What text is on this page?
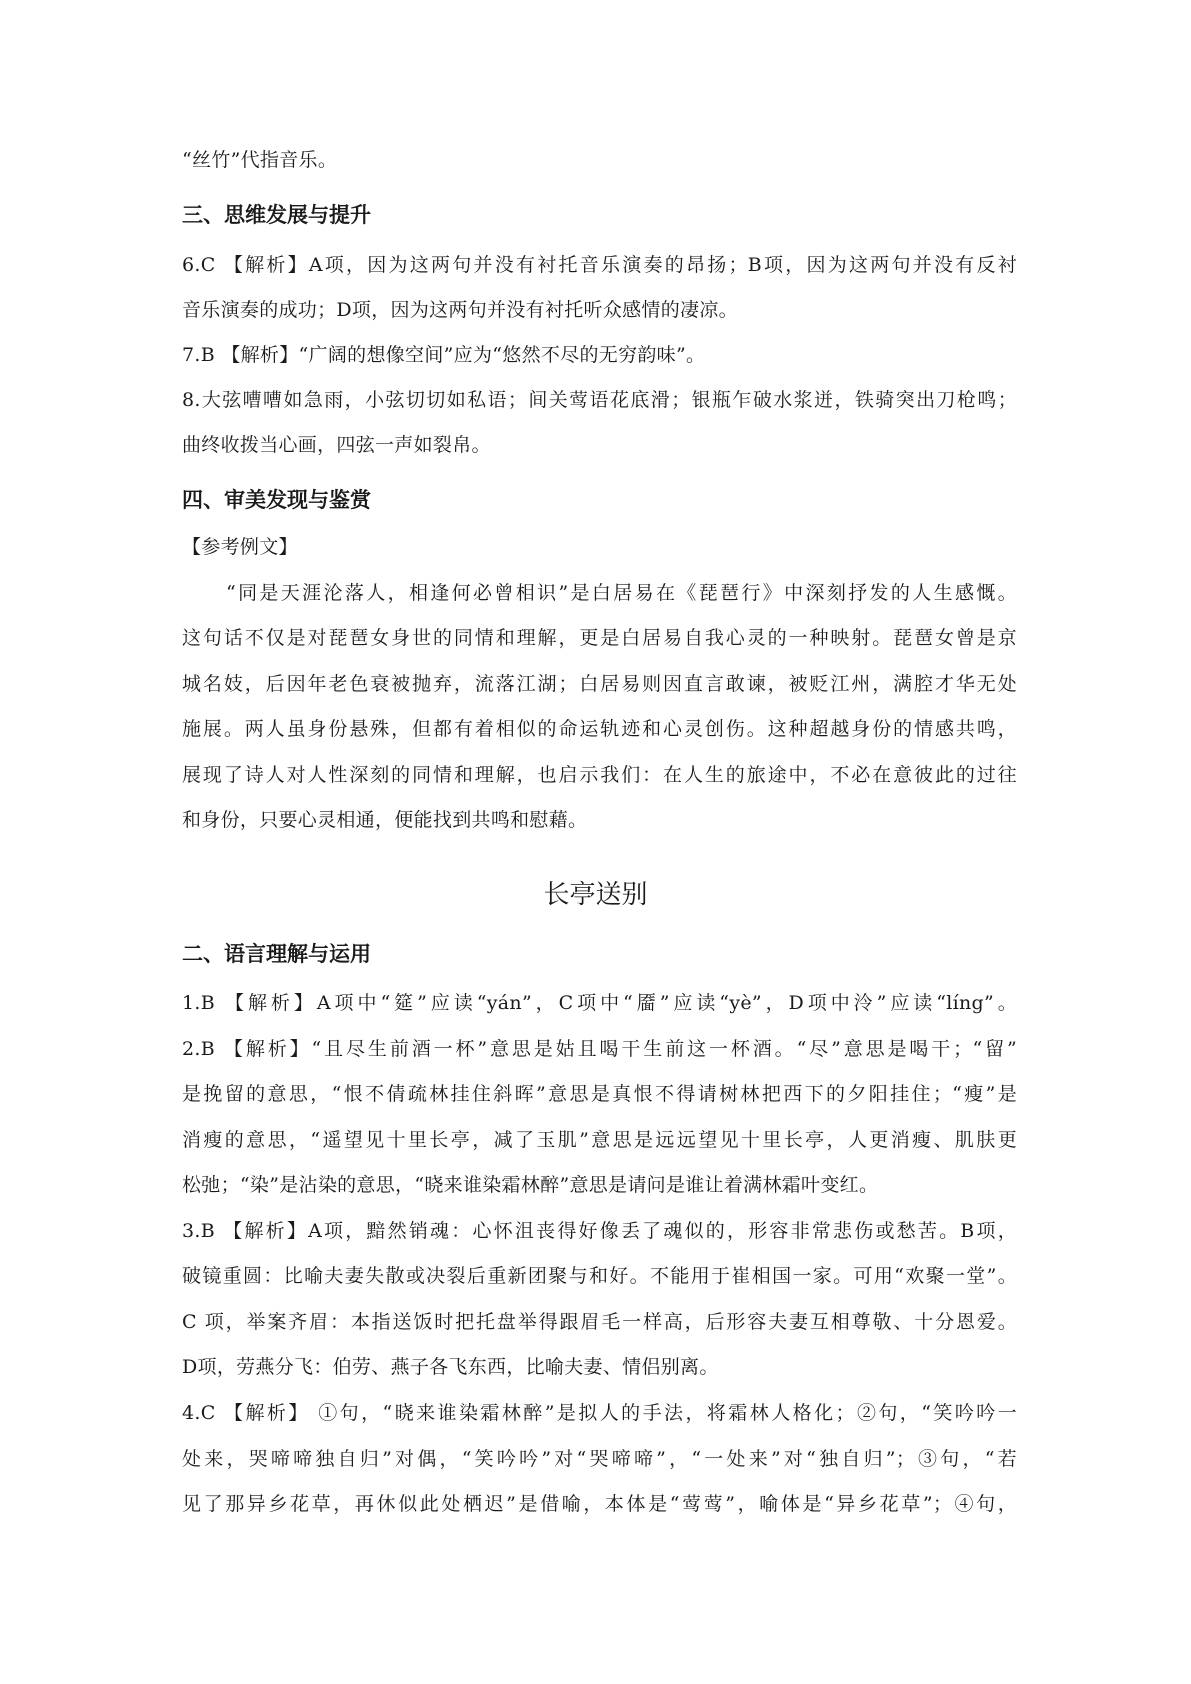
“丝竹”代指音乐。
三、思维发展与提升
6.C 【解析】A项，因为这两句并没有衬托音乐演奏的昂扬；B项，因为这两句并没有反衬
音乐演奏的成功；D项，因为这两句并没有衬托听众感情的凄凉。
7.B 【解析】“广阔的想像空间”应为“悠然不尽的无穷韵味”。
8.大弦嘈嘈如急雨，小弦切切如私语；间关莺语花底滑；银瓶乍破水浆迸，铁骑突出刀枪鸣；
曲终收拨当心画，四弦一声如裂帛。
四、审美发现与鉴赏
【参考例文】
“同是天涯沦落人，相逢何必曾相识”是白居易在《琵琶行》中深刻抒发的人生感慨。
这句话不仅是对琵琶女身世的同情和理解，更是白居易自我心灵的一种映射。琵琶女曾是京
城名妓，后因年老色衰被抛弃，流落江湖；白居易则因直言敢谏，被贬江州，满腔才华无处
施展。两人虽身份悬殊，但都有着相似的命运轨迹和心灵创伤。这种超越身份的情感共鸣，
展现了诗人对人性深刻的同情和理解，也启示我们：在人生的旅途中，不必在意彼此的过往
和身份，只要心灵相通，便能找到共鸣和慰藉。
长亭送别
二、语言理解与运用
1.B 【解析】A项中“筵”应读“yán”，C项中“靥”应读“yè”，D项中泠”应读“líng”。
2.B 【解析】“且尽生前酒一杯”意思是姑且喝干生前这一杯酒。“尽”意思是喝干；“留”
是挽留的意思，“恨不倩疏林挂住斜晖”意思是真恨不得请树林把西下的夕阳挂住；“瘦”是
消瘦的意思，“遥望见十里长亭，减了玉肌”意思是远远望见十里长亭，人更消瘦、肌肤更
松弛；“染”是沾染的意思，“晓来谁染霜林醉”意思是请问是谁让着满林霜叶变红。
3.B 【解析】A项，黯然销魂：心怀沮丧得好像丢了魂似的，形容非常悲伤或愁苦。B项，
破镜重圆：比喻夫妻失散或决裂后重新团聚与和好。不能用于崔相国一家。可用“欢聚一堂”。
C 项，举案齐眉：本指送饭时把托盘举得跟眉毛一样高，后形容夫妻互相尊敬、十分恩爱。
D项，劳燕分飞：伯劳、燕子各飞东西，比喻夫妻、情侣别离。
4.C 【解析】 ①句，“晓来谁染霜林醉”是拟人的手法，将霜林人格化；②句，“笑吟吟一
处来，哭啼啼独自归”对偶，“笑吟吟”对“哭啼啼”，“一处来”对“独自归”；③句，“若
见了那异乡花草，再休似此处栖迟”是借喻，本体是“莺莺”，喻体是“异乡花草”；④句，
